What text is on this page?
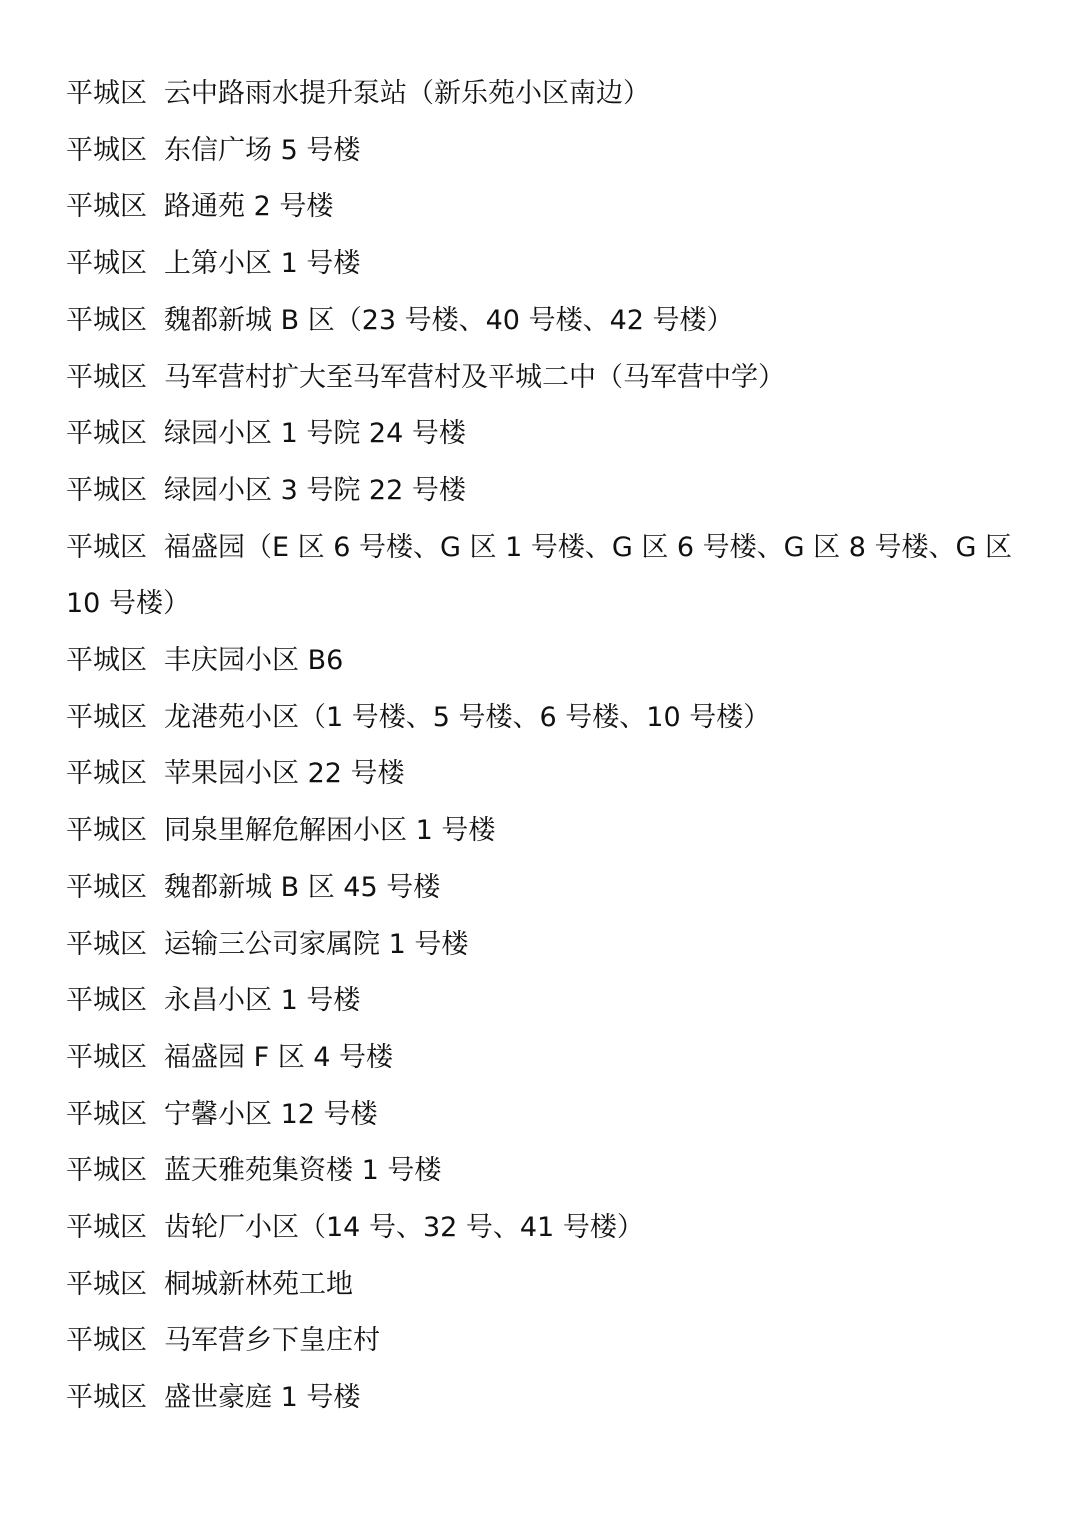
平城区 云中路雨水提升泵站（新乐苑小区南边）
平城区 东信广场 5 号楼
平城区 路通苑 2 号楼
平城区 上第小区 1 号楼
平城区 魏都新城 B 区（23 号楼、40 号楼、42 号楼）
平城区 马军营村扩大至马军营村及平城二中（马军营中学）
平城区 绿园小区 1 号院 24 号楼
平城区 绿园小区 3 号院 22 号楼
平城区 福盛园（E 区 6 号楼、G 区 1 号楼、G 区 6 号楼、G 区 8 号楼、G 区 10 号楼）
平城区 丰庆园小区 B6
平城区 龙港苑小区（1 号楼、5 号楼、6 号楼、10 号楼）
平城区 苹果园小区 22 号楼
平城区 同泉里解危解困小区 1 号楼
平城区 魏都新城 B 区 45 号楼
平城区 运输三公司家属院 1 号楼
平城区 永昌小区 1 号楼
平城区 福盛园 F 区 4 号楼
平城区 宁馨小区 12 号楼
平城区 蓝天雅苑集资楼 1 号楼
平城区 齿轮厂小区（14 号、32 号、41 号楼）
平城区 桐城新林苑工地
平城区 马军营乡下皇庄村
平城区 盛世豪庭 1 号楼
